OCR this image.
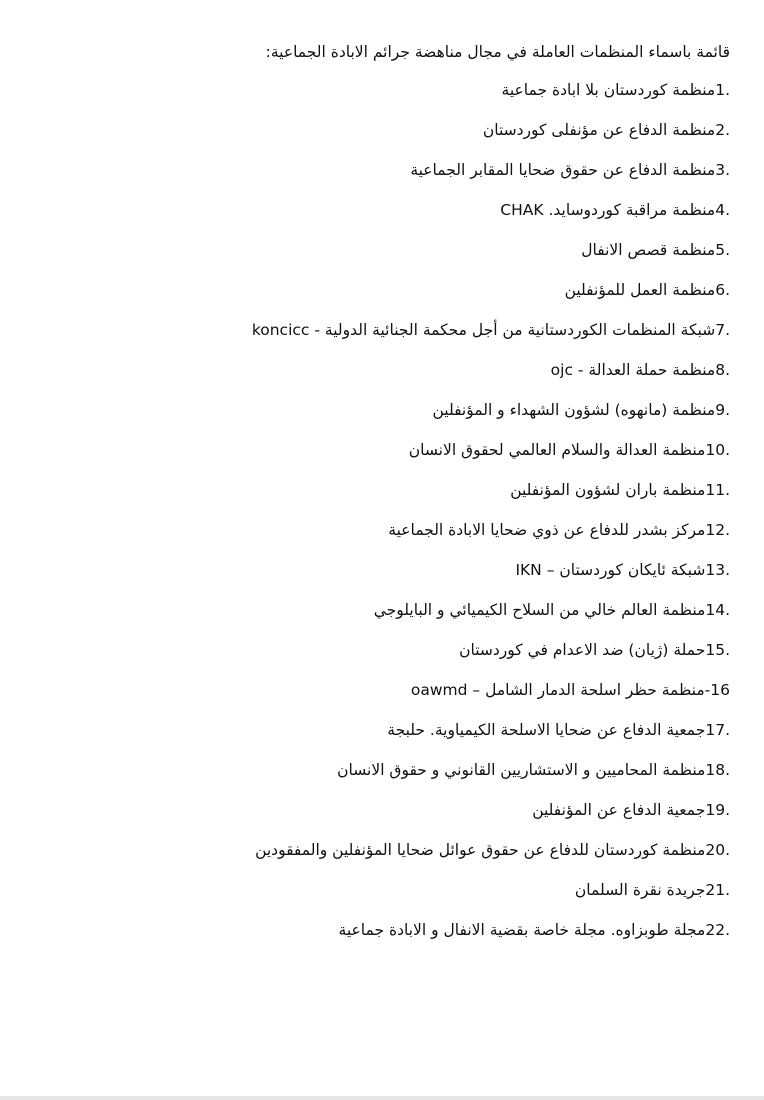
قائمة باسماء المنظمات العاملة في مجال مناهضة جرائم الابادة الجماعية:
1.منظمة كوردستان بلا ابادة جماعية
2.منظمة الدفاع عن مؤنفلى كوردستان
3.منظمة الدفاع عن حقوق ضحايا المقابر الجماعية
4.منظمة مراقبة كوردوسايد. CHAK
5.منظمة قصص الانفال
6.منظمة العمل للمؤنفلين
7.شبكة المنظمات الكوردستانية من أجل محكمة الجنائية الدولية - koncicc
8.منظمة حملة العدالة - ojc
9.منظمة (مانهوه) لشؤون الشهداء و المؤنفلين
10.منظمة العدالة والسلام العالمي لحقوق الانسان
11.منظمة باران لشؤون المؤنفلين
12.مركز بشدر للدفاع عن ذوي ضحايا الابادة الجماعية
13.شبكة ئايكان كوردستان – IKN
14.منظمة العالم خالي من السلاح الكيميائي و البايلوجي
15.حملة (ژيان) ضد الاعدام في كوردستان
-16منظمة حظر اسلحة الدمار الشامل – oawmd
17.جمعية الدفاع عن ضحايا الاسلحة الكيمياوية. حلبجة
18.منظمة المحاميين و الاستشاريين القانوني و حقوق الانسان
19.جمعية الدفاع عن المؤنفلين
20.منظمة كوردستان للدفاع عن حقوق عوائل ضحايا المؤنفلين والمفقودين
21.جريدة نقرة السلمان
22.مجلة طوبزاوه. مجلة خاصة بقضية الانفال و الابادة جماعية
